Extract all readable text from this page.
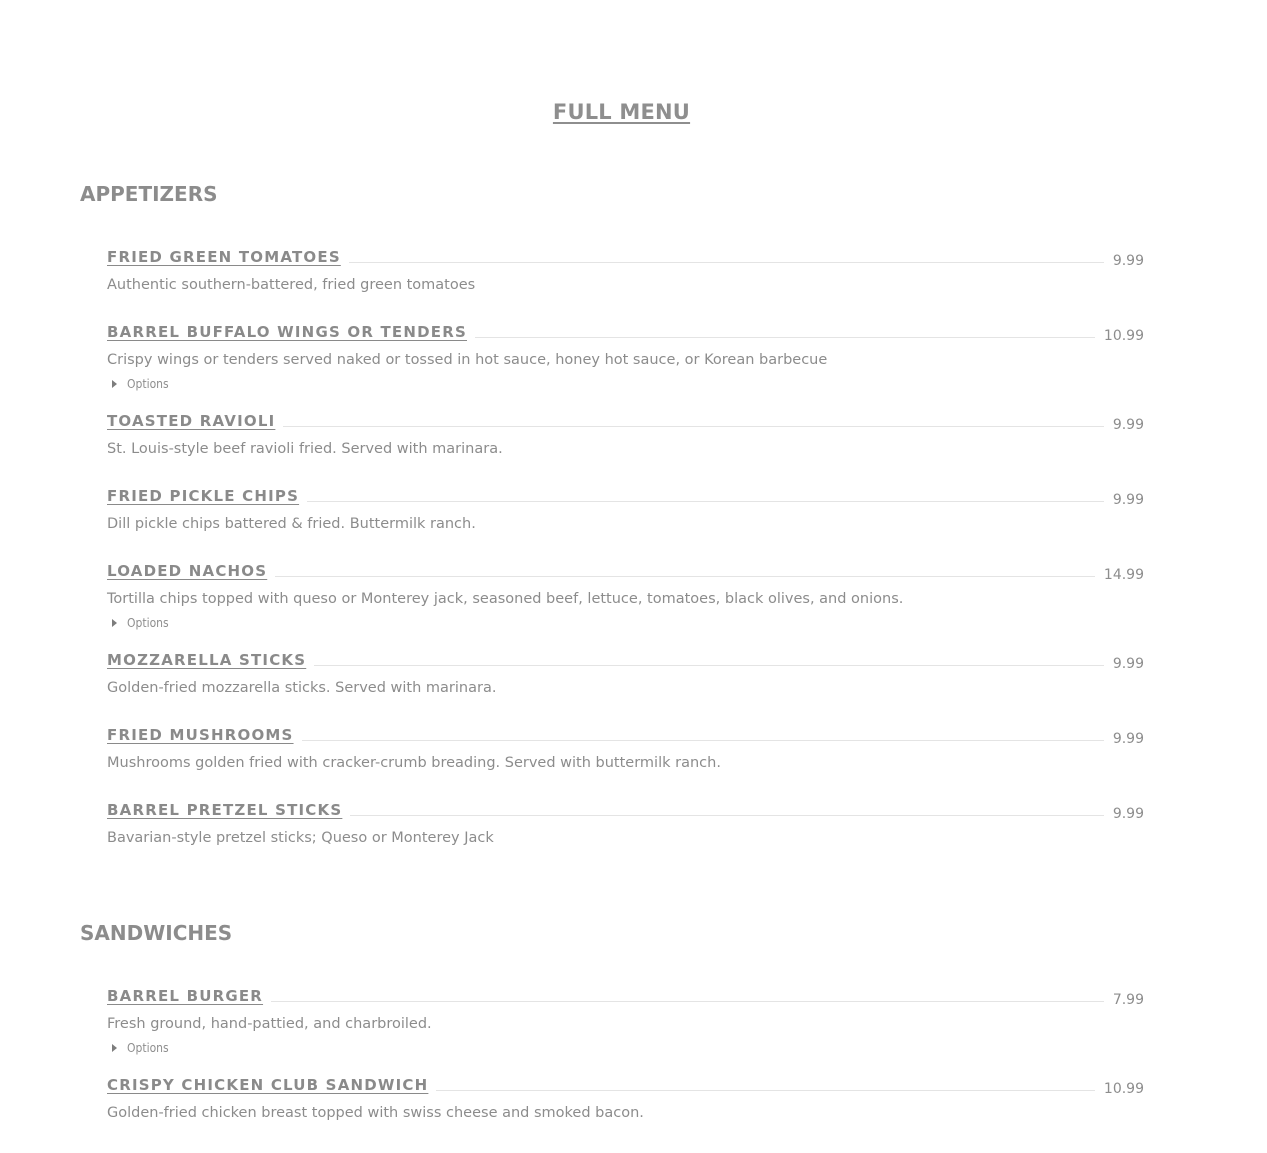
FULL MENU
APPETIZERS
FRIED GREEN TOMATOES	9.99
Authentic southern-battered, fried green tomatoes
BARREL BUFFALO WINGS OR TENDERS	10.99
Crispy wings or tenders served naked or tossed in hot sauce, honey hot sauce, or Korean barbecue
Options
TOASTED RAVIOLI	9.99
St. Louis-style beef ravioli fried. Served with marinara.
FRIED PICKLE CHIPS	9.99
Dill pickle chips battered & fried. Buttermilk ranch.
LOADED NACHOS	14.99
Tortilla chips topped with queso or Monterey jack, seasoned beef, lettuce, tomatoes, black olives, and onions.
Options
MOZZARELLA STICKS	9.99
Golden-fried mozzarella sticks. Served with marinara.
FRIED MUSHROOMS	9.99
Mushrooms golden fried with cracker-crumb breading. Served with buttermilk ranch.
BARREL PRETZEL STICKS	9.99
Bavarian-style pretzel sticks; Queso or Monterey Jack
SANDWICHES
BARREL BURGER	7.99
Fresh ground, hand-pattied, and charbroiled.
Options
CRISPY CHICKEN CLUB SANDWICH	10.99
Golden-fried chicken breast topped with swiss cheese and smoked bacon.
